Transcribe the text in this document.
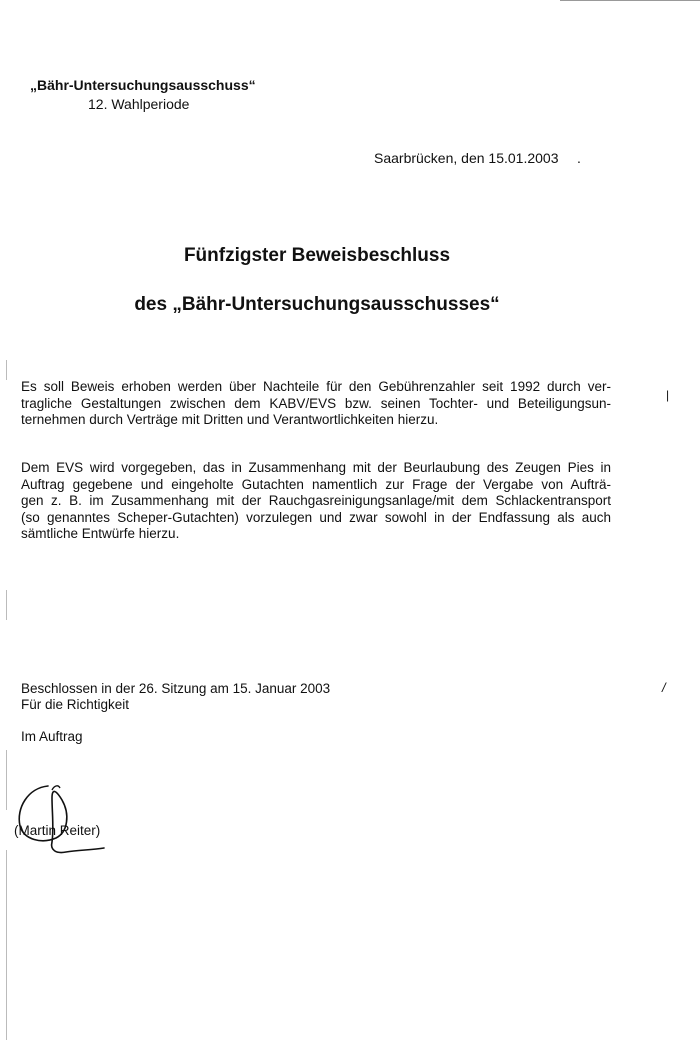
„Bähr-Untersuchungsausschuss“
12. Wahlperiode
Saarbrücken, den 15.01.2003 .
Fünfzigster Beweisbeschluss
des „Bähr-Untersuchungsausschusses“
Es soll Beweis erhoben werden über Nachteile für den Gebührenzahler seit 1992 durch ver-
tragliche Gestaltungen zwischen dem KABV/EVS bzw. seinen Tochter- und Beteiligungsun-
ternehmen durch Verträge mit Dritten und Verantwortlichkeiten hierzu.
Dem EVS wird vorgegeben, das in Zusammenhang mit der Beurlaubung des Zeugen Pies in
Auftrag gegebene und eingeholte Gutachten namentlich zur Frage der Vergabe von Aufträ-
gen z. B. im Zusammenhang mit der Rauchgasreinigungsanlage/mit dem Schlackentransport
(so genanntes Scheper-Gutachten) vorzulegen und zwar sowohl in der Endfassung als auch
sämtliche Entwürfe hierzu.
Beschlossen in der 26. Sitzung am 15. Januar 2003
Für die Richtigkeit
Im Auftrag
(Martin Reiter)
|
/
